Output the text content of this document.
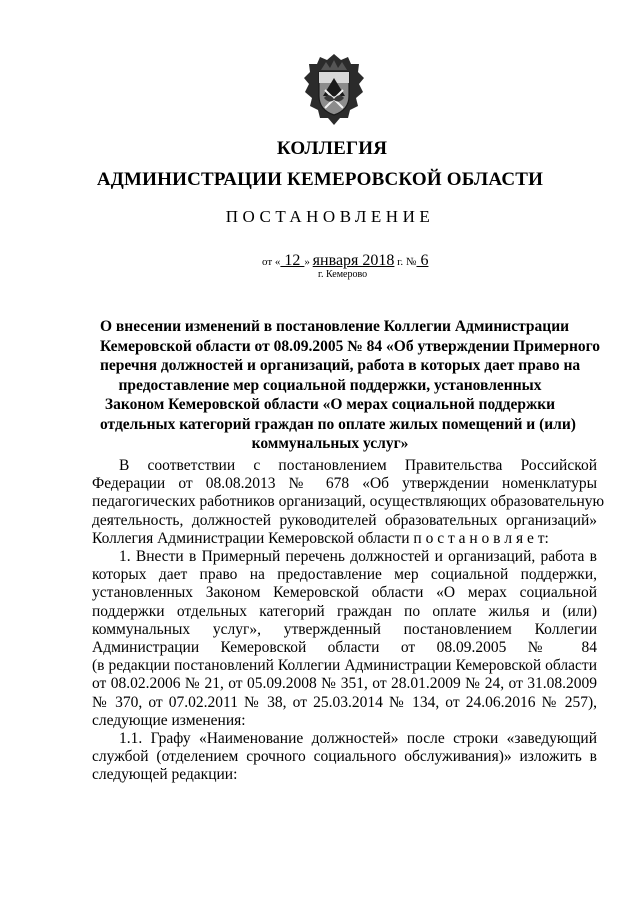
КОЛЛЕГИЯ
АДМИНИСТРАЦИИ КЕМЕРОВСКОЙ ОБЛАСТИ
ПОСТАНОВЛЕНИЕ
от « 12 » января 2018 г. № 6
г. Кемерово
О внесении изменений в постановление Коллегии Администрации
Кемеровской области от 08.09.2005 № 84 «Об утверждении Примерного
перечня должностей и организаций, работа в которых дает право на
предоставление мер социальной поддержки, установленных
Законом Кемеровской области «О мерах социальной поддержки
отдельных категорий граждан по оплате жилых помещений и (или)
коммунальных услуг»
В соответствии с постановлением Правительства Российской
Федерации от 08.08.2013 № 678 «Об утверждении номенклатуры
педагогических работников организаций, осуществляющих образовательную
деятельность, должностей руководителей образовательных организаций»
Коллегия Администрации Кемеровской области п о с т а н о в л я е т:
1. Внести в Примерный перечень должностей и организаций, работа в
которых дает право на предоставление мер социальной поддержки,
установленных Законом Кемеровской области «О мерах социальной
поддержки отдельных категорий граждан по оплате жилья и (или)
коммунальных услуг», утвержденный постановлением Коллегии
Администрации Кемеровской области от 08.09.2005 № 84
(в редакции постановлений Коллегии Администрации Кемеровской области
от 08.02.2006 № 21, от 05.09.2008 № 351, от 28.01.2009 № 24, от 31.08.2009
№ 370, от 07.02.2011 № 38, от 25.03.2014 № 134, от 24.06.2016 № 257),
следующие изменения:
1.1. Графу «Наименование должностей» после строки «заведующий
службой (отделением срочного социального обслуживания)» изложить в
следующей редакции:
